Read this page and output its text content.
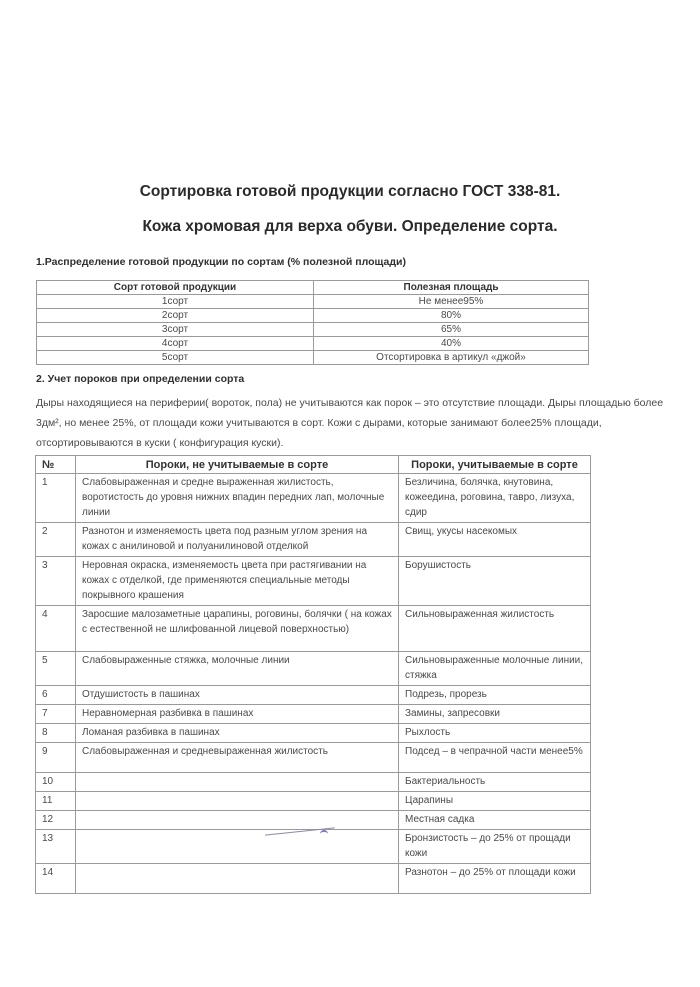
Сортировка готовой продукции согласно ГОСТ 338-81.
Кожа хромовая для верха обуви. Определение сорта.
1.Распределение готовой продукции по сортам (% полезной площади)
Сорт готовой продукции	Полезная площадь
1сорт	Не менее95%
2сорт	80%
3сорт	65%
4сорт	40%
5сорт	Отсортировка в артикул «джой»
2. Учет пороков при определении сорта
Дыры находящиеся на периферии( вороток, пола) не учитываются как порок – это отсутствие площади. Дыры площадью более 3дм², но менее 25%, от площади кожи учитываются в сорт. Кожи с дырами, которые занимают более25% площади, отсортировываются в куски ( конфигурация куски).
№	Пороки, не учитываемые в сорте	Пороки, учитываемые в сорте
1	Слабовыраженная и средне выраженная жилистость, воротистость до уровня нижних впадин передних лап, молочные линии	Безличина, болячка, кнутовина, кожеедина, роговина, тавро, лизуха, сдир
2	Разнотон и изменяемость цвета под разным углом зрения на кожах с анилиновой и полуанилиновой отделкой	Свищ, укусы насекомых
3	Неровная окраска, изменяемость цвета при растягивании на кожах с отделкой, где применяются специальные методы покрывного крашения	Борушистость
4	Заросшие малозаметные царапины, роговины, болячки ( на кожах с естественной не шлифованной лицевой поверхностью)	Сильновыраженная жилистость
5	Слабовыраженные стяжка, молочные линии	Сильновыраженные молочные линии, стяжка
6	Отдушистость в пашинах	Подрезь, прорезь
7	Неравномерная разбивка в пашинах	Замины, запресовки
8	Ломаная разбивка в пашинах	Рыхлость
9	Слабовыраженная и средневыраженная жилистость	Подсед – в чепрачной части менее5%
10		Бактериальность
11		Царапины
12		Местная садка
13		Бронзистость – до 25% от прощади кожи
14		Разнотон – до 25% от площади кожи
